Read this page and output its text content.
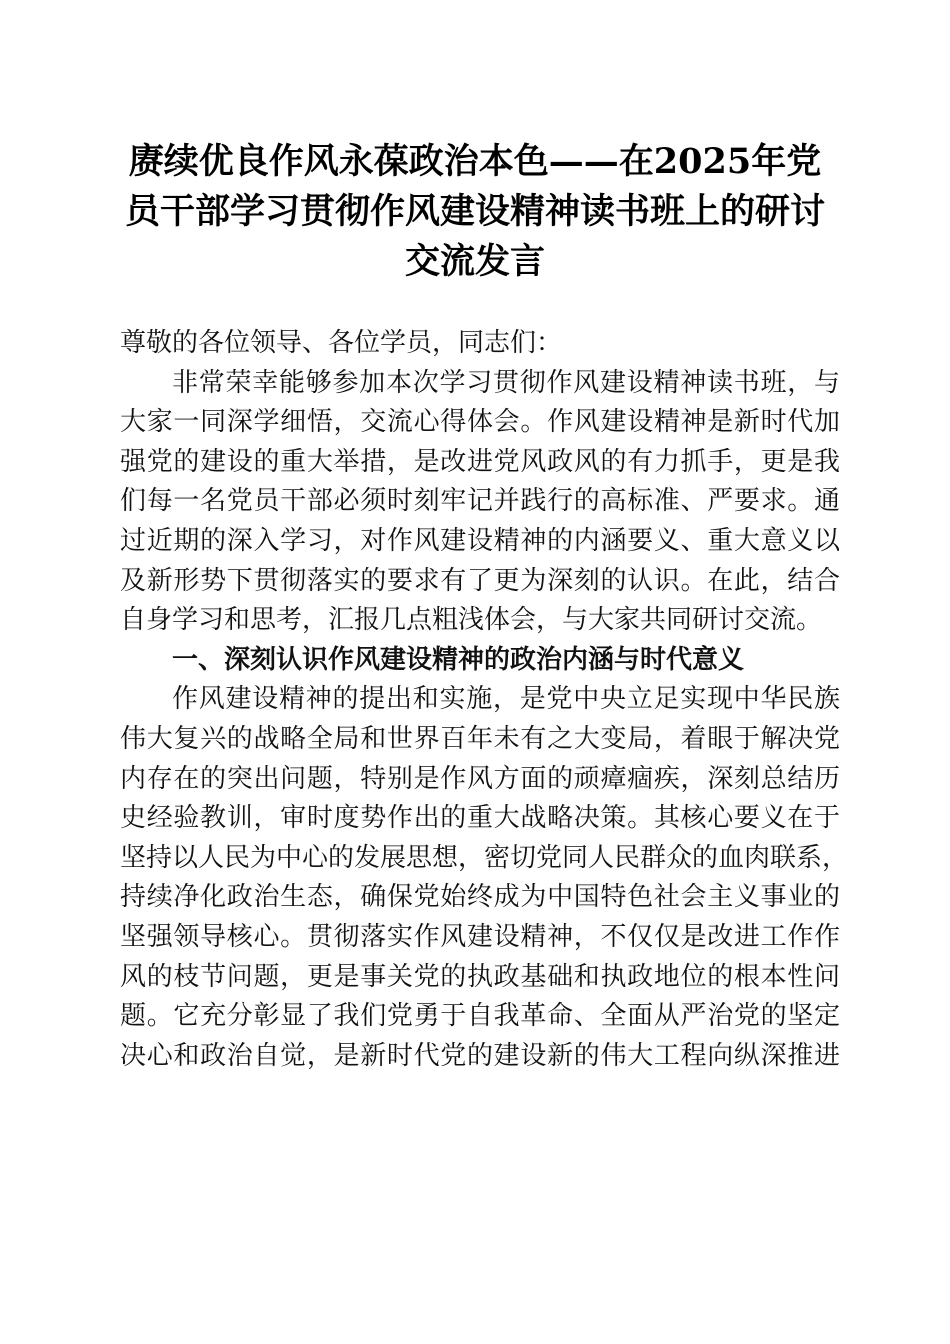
赓续优良作风永葆政治本色——在2025年党
员干部学习贯彻作风建设精神读书班上的研讨
交流发言
尊敬的各位领导、各位学员，同志们：
非常荣幸能够参加本次学习贯彻作风建设精神读书班，与
大家一同深学细悟，交流心得体会。作风建设精神是新时代加
强党的建设的重大举措，是改进党风政风的有力抓手，更是我
们每一名党员干部必须时刻牢记并践行的高标准、严要求。通
过近期的深入学习，对作风建设精神的内涵要义、重大意义以
及新形势下贯彻落实的要求有了更为深刻的认识。在此，结合
自身学习和思考，汇报几点粗浅体会，与大家共同研讨交流。
一、深刻认识作风建设精神的政治内涵与时代意义
作风建设精神的提出和实施，是党中央立足实现中华民族
伟大复兴的战略全局和世界百年未有之大变局，着眼于解决党
内存在的突出问题，特别是作风方面的顽瘴痼疾，深刻总结历
史经验教训，审时度势作出的重大战略决策。其核心要义在于
坚持以人民为中心的发展思想，密切党同人民群众的血肉联系，
持续净化政治生态，确保党始终成为中国特色社会主义事业的
坚强领导核心。贯彻落实作风建设精神，不仅仅是改进工作作
风的枝节问题，更是事关党的执政基础和执政地位的根本性问
题。它充分彰显了我们党勇于自我革命、全面从严治党的坚定
决心和政治自觉，是新时代党的建设新的伟大工程向纵深推进
